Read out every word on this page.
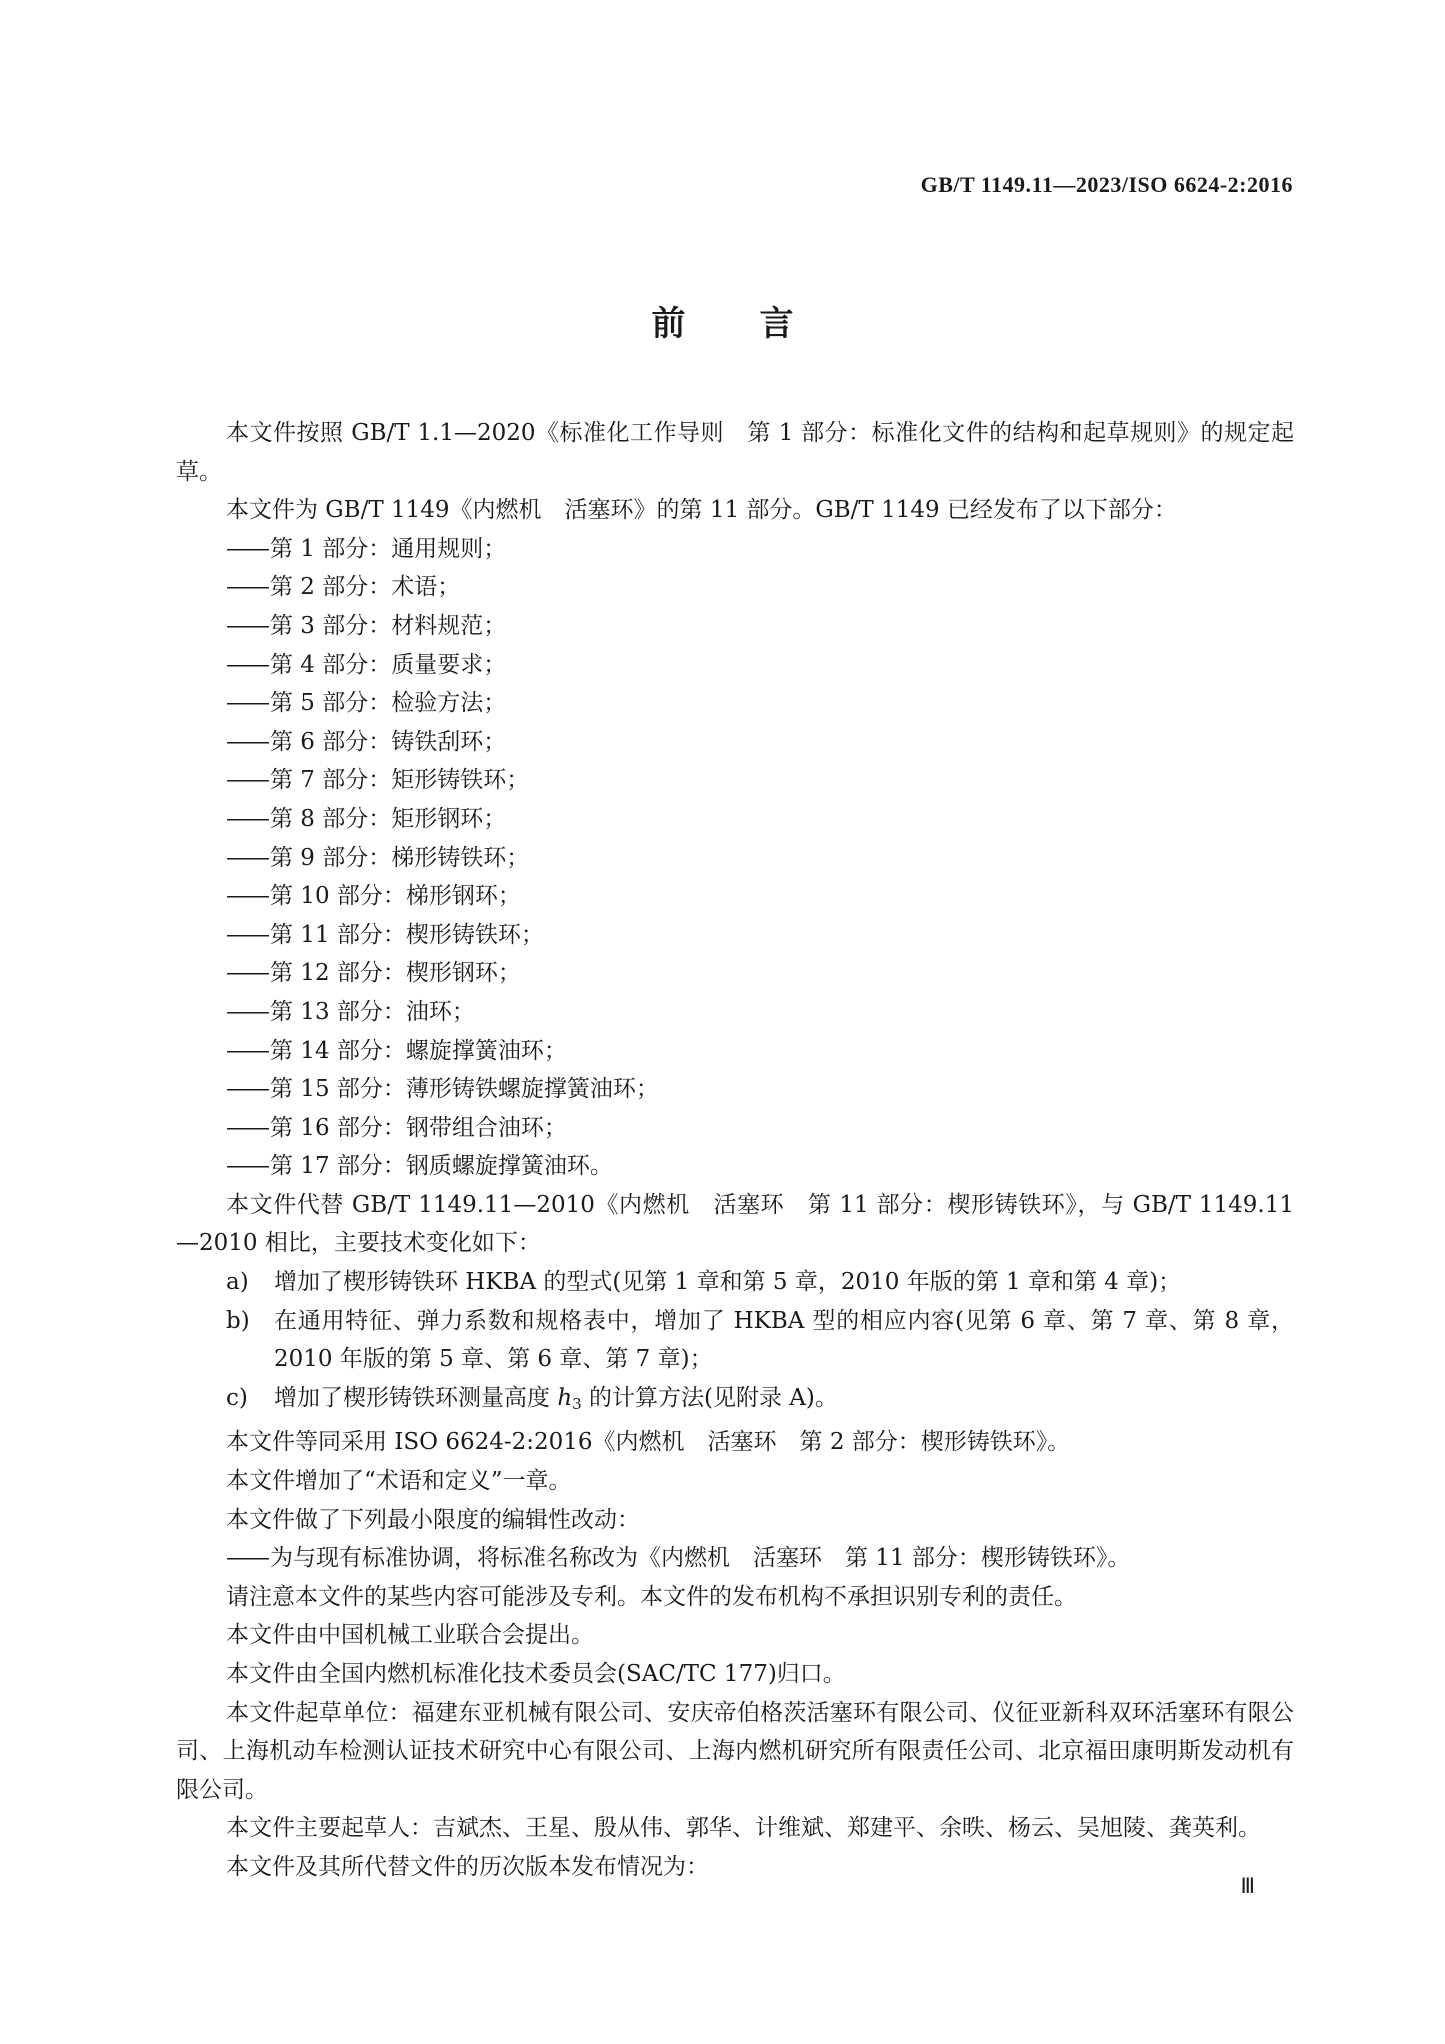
GB/T 1149.11—2023/ISO 6624-2:2016
前言

本文件按照 GB/T 1.1—2020《标准化工作导则　第 1 部分：标准化文件的结构和起草规则》的规定起草。

本文件为 GB/T 1149《内燃机　活塞环》的第 11 部分。GB/T 1149 已经发布了以下部分：

——第 1 部分：通用规则；

——第 2 部分：术语；

——第 3 部分：材料规范；

——第 4 部分：质量要求；

——第 5 部分：检验方法；

——第 6 部分：铸铁刮环；

——第 7 部分：矩形铸铁环；

——第 8 部分：矩形钢环；

——第 9 部分：梯形铸铁环；

——第 10 部分：梯形钢环；

——第 11 部分：楔形铸铁环；

——第 12 部分：楔形钢环；

——第 13 部分：油环；

——第 14 部分：螺旋撑簧油环；

——第 15 部分：薄形铸铁螺旋撑簧油环；

——第 16 部分：钢带组合油环；

——第 17 部分：钢质螺旋撑簧油环。

本文件代替 GB/T 1149.11—2010《内燃机　活塞环　第 11 部分：楔形铸铁环》，与 GB/T 1149.11—2010 相比，主要技术变化如下：

a) 增加了楔形铸铁环 HKBA 的型式(见第 1 章和第 5 章，2010 年版的第 1 章和第 4 章)；

b) 在通用特征、弹力系数和规格表中，增加了 HKBA 型的相应内容(见第 6 章、第 7 章、第 8 章，2010 年版的第 5 章、第 6 章、第 7 章)；

c) 增加了楔形铸铁环测量高度 $h_3$ 的计算方法(见附录 A)。

本文件等同采用 ISO 6624-2:2016《内燃机　活塞环　第 2 部分：楔形铸铁环》。

本文件增加了“术语和定义”一章。

本文件做了下列最小限度的编辑性改动：

——为与现有标准协调，将标准名称改为《内燃机　活塞环　第 11 部分：楔形铸铁环》。

请注意本文件的某些内容可能涉及专利。本文件的发布机构不承担识别专利的责任。

本文件由中国机械工业联合会提出。

本文件由全国内燃机标准化技术委员会(SAC/TC 177)归口。

本文件起草单位：福建东亚机械有限公司、安庆帝伯格茨活塞环有限公司、仪征亚新科双环活塞环有限公司、上海机动车检测认证技术研究中心有限公司、上海内燃机研究所有限责任公司、北京福田康明斯发动机有限公司。

本文件主要起草人：吉斌杰、王星、殷从伟、郭华、计维斌、郑建平、余昳、杨云、吴旭陵、龚英利。

本文件及其所代替文件的历次版本发布情况为：

Ⅲ
